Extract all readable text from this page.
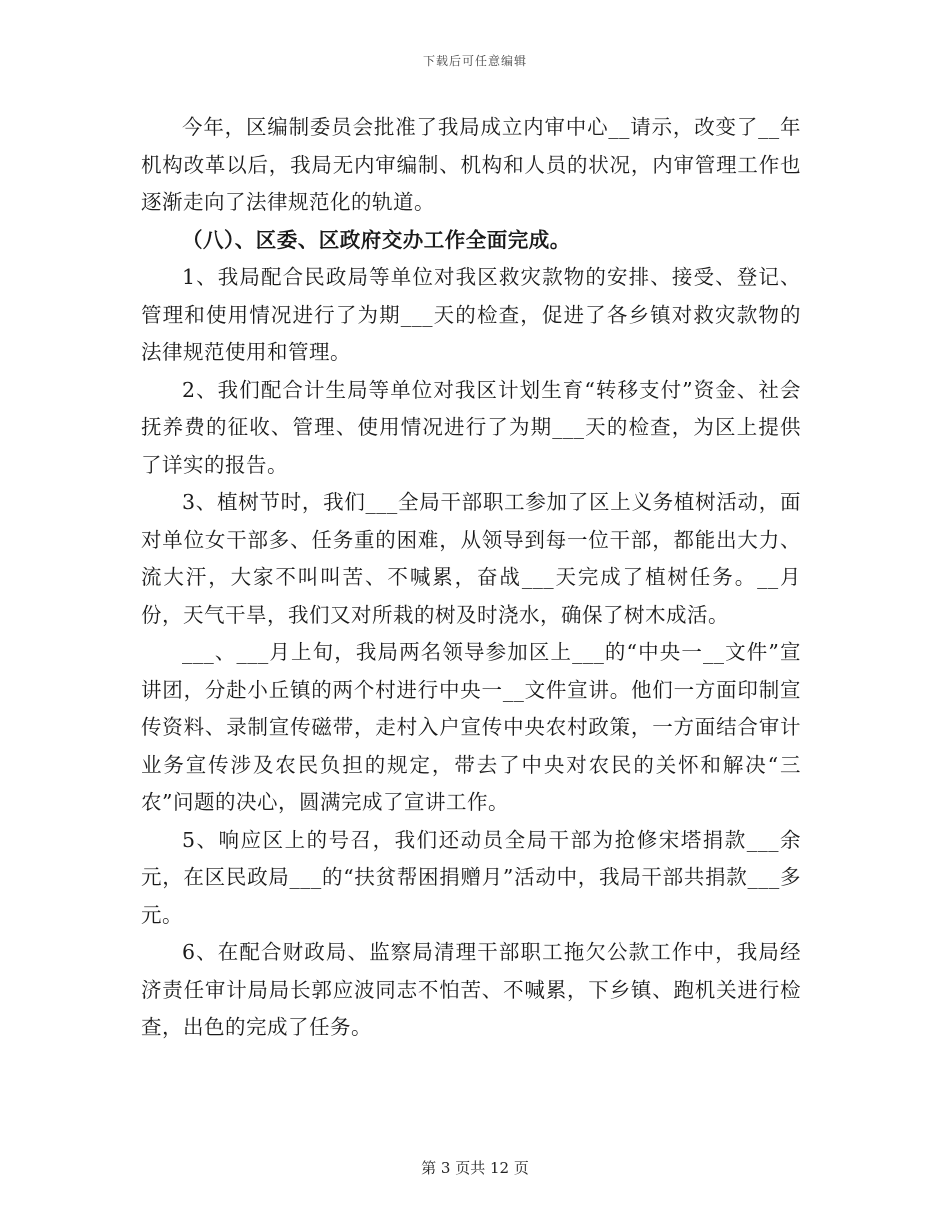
下载后可任意编辑

今年，区编制委员会批准了我局成立内审中心__请示，改变了__年机构改革以后，我局无内审编制、机构和人员的状况，内审管理工作也逐渐走向了法律规范化的轨道。

（八）、区委、区政府交办工作全面完成。

1、我局配合民政局等单位对我区救灾款物的安排、接受、登记、管理和使用情况进行了为期___天的检查，促进了各乡镇对救灾款物的法律规范使用和管理。

2、我们配合计生局等单位对我区计划生育“转移支付”资金、社会抚养费的征收、管理、使用情况进行了为期___天的检查，为区上提供了详实的报告。

3、植树节时，我们___全局干部职工参加了区上义务植树活动，面对单位女干部多、任务重的困难，从领导到每一位干部，都能出大力、流大汗，大家不叫叫苦、不喊累，奋战___天完成了植树任务。__月份，天气干旱，我们又对所栽的树及时浇水，确保了树木成活。

___、___月上旬，我局两名领导参加区上___的“中央一__文件”宣讲团，分赴小丘镇的两个村进行中央一__文件宣讲。他们一方面印制宣传资料、录制宣传磁带，走村入户宣传中央农村政策，一方面结合审计业务宣传涉及农民负担的规定，带去了中央对农民的关怀和解决“三农”问题的决心，圆满完成了宣讲工作。

5、响应区上的号召，我们还动员全局干部为抢修宋塔捐款___余元，在区民政局___的“扶贫帮困捐赠月”活动中，我局干部共捐款___多元。

6、在配合财政局、监察局清理干部职工拖欠公款工作中，我局经济责任审计局局长郭应波同志不怕苦、不喊累，下乡镇、跑机关进行检查，出色的完成了任务。

第 3 页共 12 页
